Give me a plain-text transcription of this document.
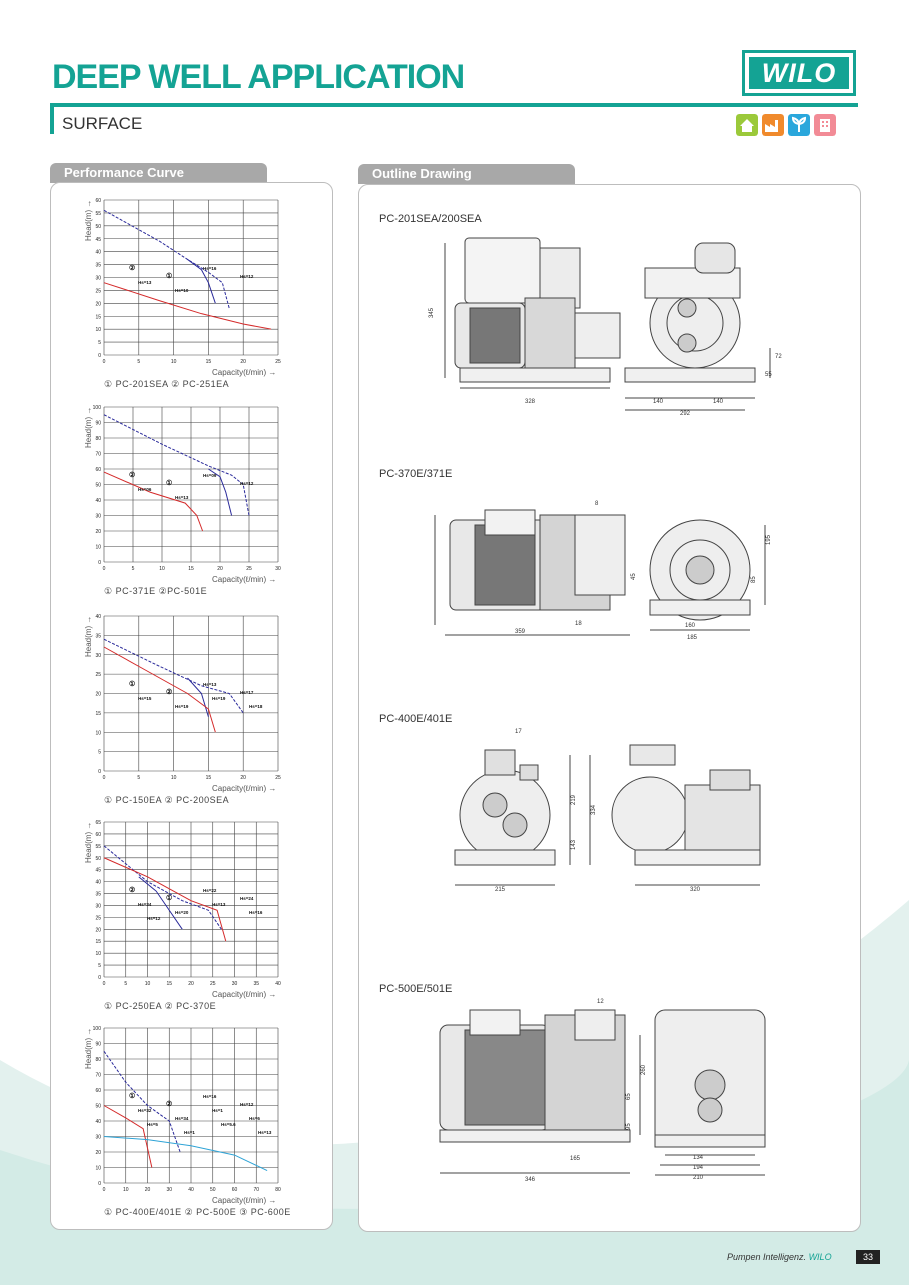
DEEP WELL APPLICATION	WILO
SURFACE
Performance Curve
Head(m) →
0	5	10	15	20	25
0
5
10
15
20
25
30
35
40
45
50
55
60
②
①
Hs=16
Hs=12
Hs=13
Hs=10
Capacity(ℓ/min) →
① PC-201SEA ② PC-251EA
Head(m) →
0	5	10	15	20	25	30
0
10
20
30
40
50
60
70
80
90
100
②
①
Hs=09
Hs=12
Hs=06
Hs=13
Capacity(ℓ/min) →
① PC-371E ②PC-501E
Head(m) →
0	5	10	15	20	25
0
5
10
15
20
25
30
35
40
①
②
Hs=13
Hs=17
Hs=15
Hs=19
Hs=19
Hs=18
Capacity(ℓ/min) →
① PC-150EA ② PC-200SEA
Head(m) →
0	5	10	15	20	25	30	35	40
0
5
10
15
20
25
30
35
40
45
50
55
60
65
②
①
Hs=22
Hs=24
Hs=34
Hs=20
Hs=13
Hs=16
Hs=12
Capacity(ℓ/min) →
① PC-250EA ② PC-370E
Head(m) →
0	10	20	30	40	50	60	70	80
0
10
20
30
40
50
60
70
80
90
100
①
②
Hs=16
Hs=12
Hs=32
Hs=34
Hs=1
Hs=6
Hs=5
Hs=1
Hs=5.6
Hs=13
Capacity(ℓ/min) →
① PC-400E/401E ② PC-500E ③ PC-600E
Outline Drawing
PC-201SEA/200SEA
PC-370E/371E
PC-400E/401E
PC-500E/501E
345
328	140	140
292
72
55
359
18	160
185
195
85
45
8
215	320
219
143
334
17
346
165	134
194
210
260
65
95
12
Pumpen Intelligenz. WILO	33
